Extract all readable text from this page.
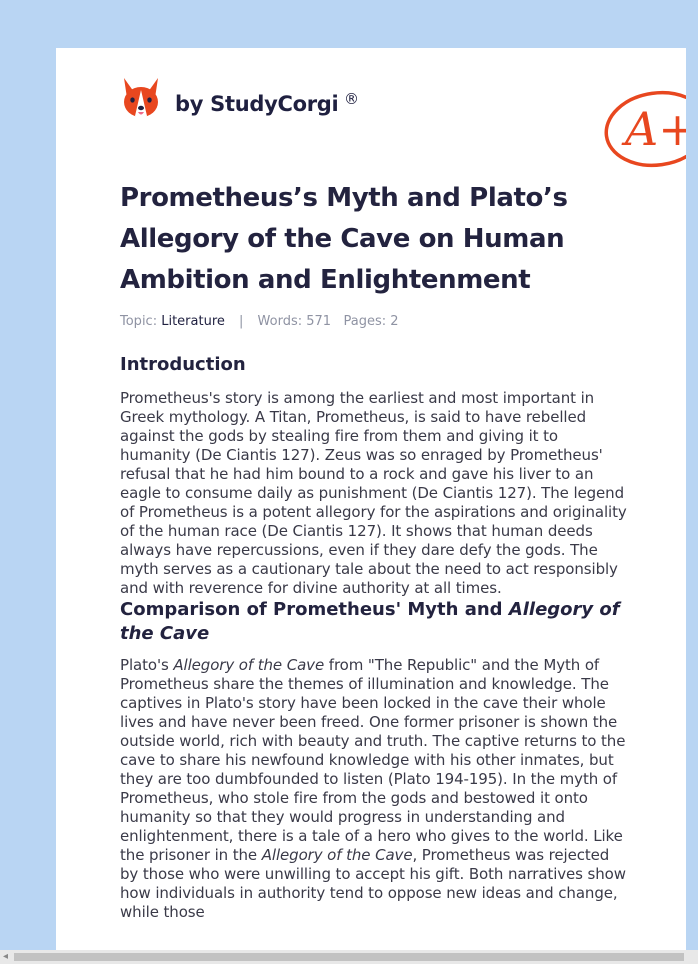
by StudyCorgi ®
A+
Prometheus’s Myth and Plato’s Allegory of the Cave on Human Ambition and Enlightenment
Topic: Literature | Words: 571 Pages: 2
Introduction

Prometheus's story is among the earliest and most important in Greek mythology. A Titan, Prometheus, is said to have rebelled against the gods by stealing fire from them and giving it to humanity (De Ciantis 127). Zeus was so enraged by Prometheus' refusal that he had him bound to a rock and gave his liver to an eagle to consume daily as punishment (De Ciantis 127). The legend of Prometheus is a potent allegory for the aspirations and originality of the human race (De Ciantis 127). It shows that human deeds always have repercussions, even if they dare defy the gods. The myth serves as a cautionary tale about the need to act responsibly and with reverence for divine authority at all times.

Comparison of Prometheus' Myth and Allegory of the Cave

Plato's Allegory of the Cave from "The Republic" and the Myth of Prometheus share the themes of illumination and knowledge. The captives in Plato's story have been locked in the cave their whole lives and have never been freed. One former prisoner is shown the outside world, rich with beauty and truth. The captive returns to the cave to share his newfound knowledge with his other inmates, but they are too dumbfounded to listen (Plato 194-195). In the myth of Prometheus, who stole fire from the gods and bestowed it onto humanity so that they would progress in understanding and enlightenment, there is a tale of a hero who gives to the world. Like the prisoner in the Allegory of the Cave, Prometheus was rejected by those who were unwilling to accept his gift. Both narratives show how individuals in authority tend to oppose new ideas and change, while those

◂
